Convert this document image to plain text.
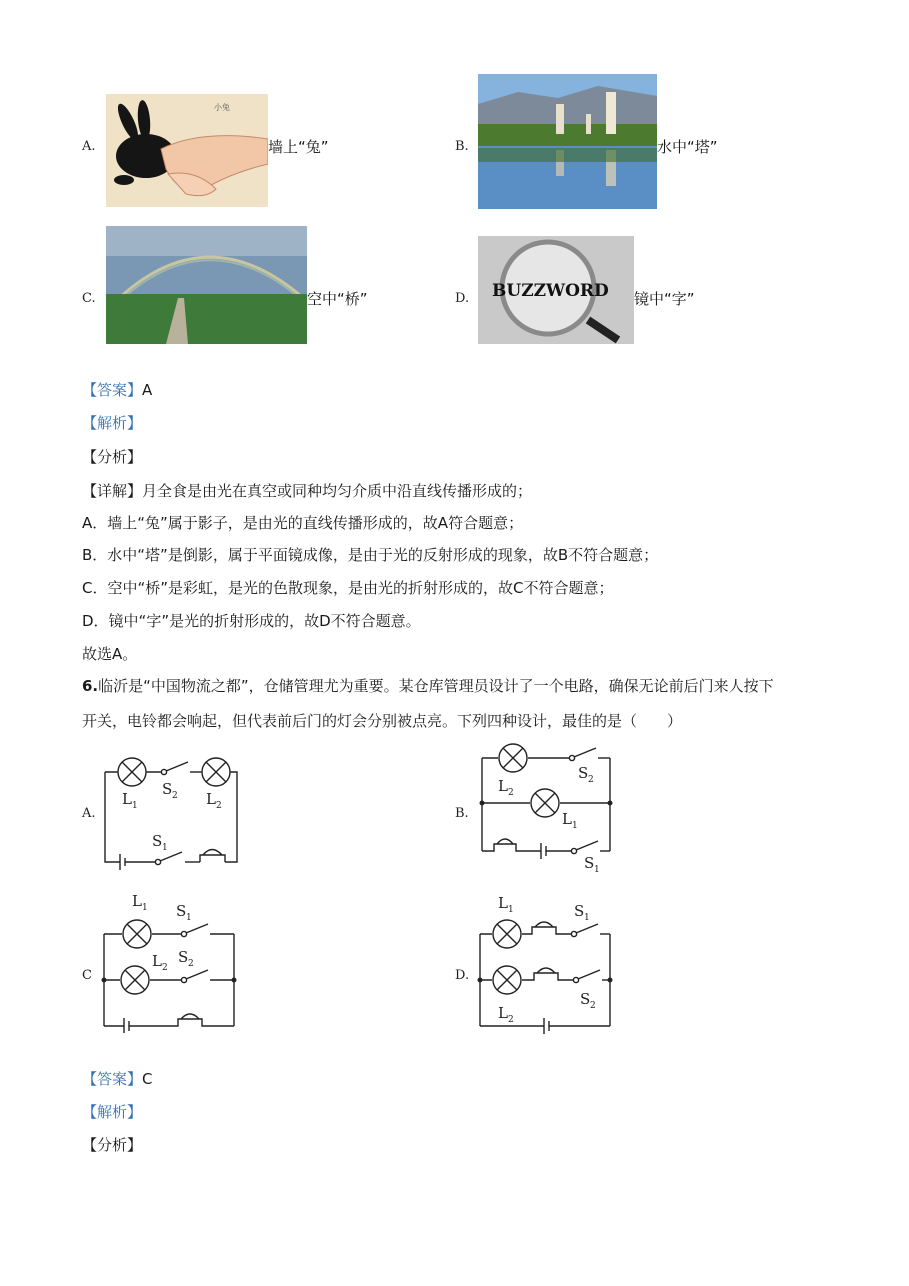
A.
小兔
墙上“兔”	B.	水中“塔”
C.	空中“桥”	D. BUZZWORD 镜中“字”
【答案】A
【解析】
【分析】
【详解】月全食是由光在真空或同种均匀介质中沿直线传播形成的；
A．墙上“兔”属于影子，是由光的直线传播形成的，故A符合题意；
B．水中“塔”是倒影，属于平面镜成像，是由于光的反射形成的现象，故B不符合题意；
C．空中“桥”是彩虹，是光的色散现象，是由光的折射形成的，故C不符合题意；
D．镜中“字”是光的折射形成的，故D不符合题意。
故选A。
6.临沂是“中国物流之都”，仓储管理尤为重要。某仓库管理员设计了一个电路，确保无论前后门来人按下
开关，电铃都会响起，但代表前后门的灯会分别被点亮。下列四种设计，最佳的是（　　）
A.
L 1
S 2 L 2
S 1
B.
L 2
S 2
L 1
S 1
C
L 1 S 1
L 2
S 2
D.
L 1	S 1
S 2
L 2
【答案】C
【解析】
【分析】
